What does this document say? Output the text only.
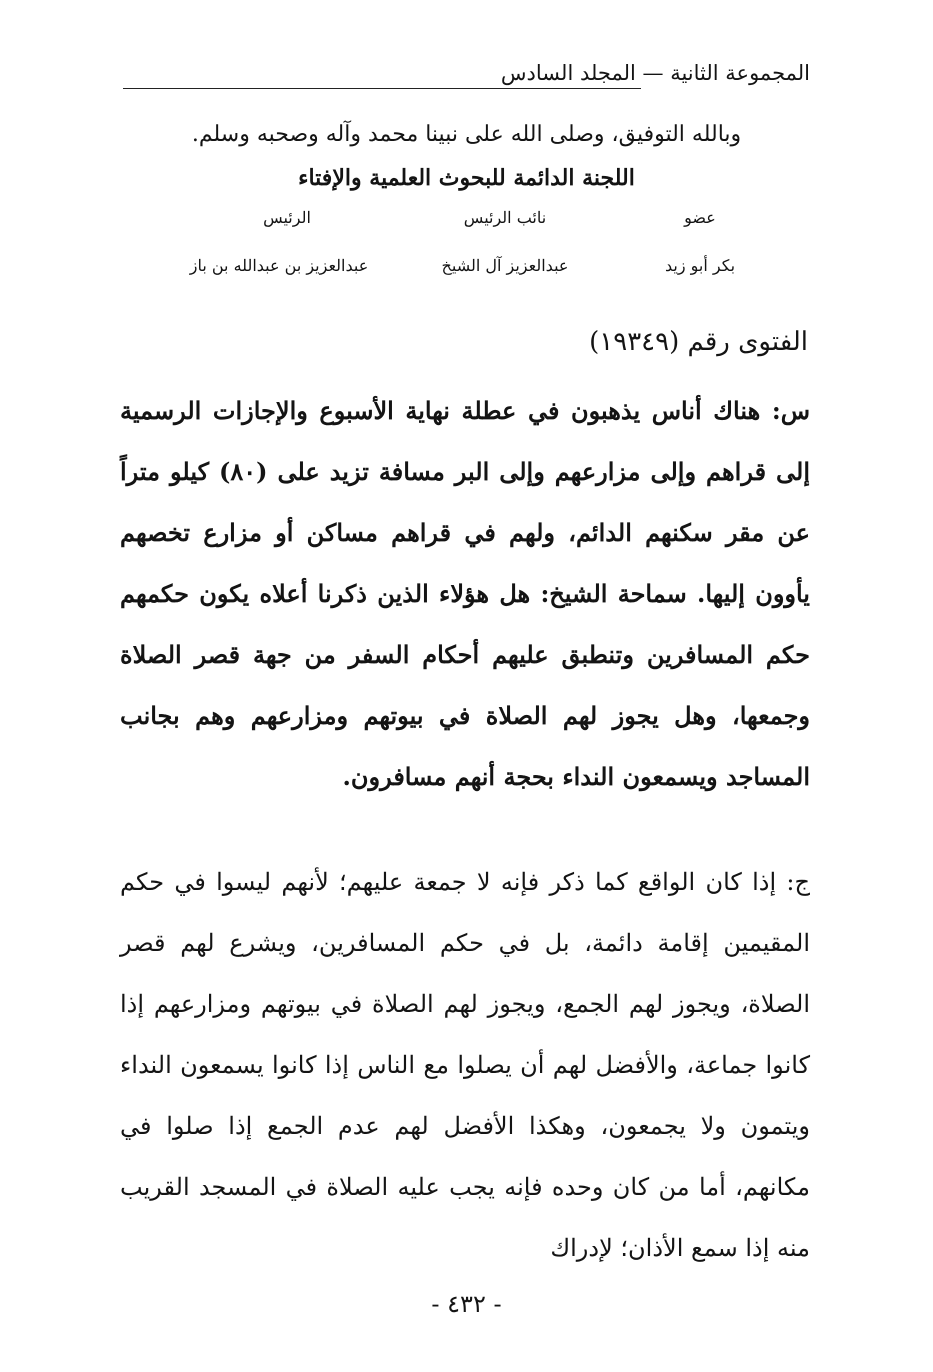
المجموعة الثانية — المجلد السادس
وبالله التوفيق، وصلى الله على نبينا محمد وآله وصحبه وسلم.
اللجنة الدائمة للبحوث العلمية والإفتاء
الرئيس	نائب الرئيس	عضو
عبدالعزيز بن عبدالله بن باز	عبدالعزيز آل الشيخ	بكر أبو زيد
الفتوى رقم (١٩٣٤٩)

س: هناك أناس يذهبون في عطلة نهاية الأسبوع والإجازات الرسمية إلى قراهم وإلى مزارعهم وإلى البر مسافة تزيد على (٨٠) كيلو متراً عن مقر سكنهم الدائم، ولهم في قراهم مساكن أو مزارع تخصهم يأوون إليها. سماحة الشيخ: هل هؤلاء الذين ذكرنا أعلاه يكون حكمهم حكم المسافرين وتنطبق عليهم أحكام السفر من جهة قصر الصلاة وجمعها، وهل يجوز لهم الصلاة في بيوتهم ومزارعهم وهم بجانب المساجد ويسمعون النداء بحجة أنهم مسافرون.

ج: إذا كان الواقع كما ذكر فإنه لا جمعة عليهم؛ لأنهم ليسوا في حكم المقيمين إقامة دائمة، بل في حكم المسافرين، ويشرع لهم قصر الصلاة، ويجوز لهم الجمع، ويجوز لهم الصلاة في بيوتهم ومزارعهم إذا كانوا جماعة، والأفضل لهم أن يصلوا مع الناس إذا كانوا يسمعون النداء ويتمون ولا يجمعون، وهكذا الأفضل لهم عدم الجمع إذا صلوا في مكانهم، أما من كان وحده فإنه يجب عليه الصلاة في المسجد القريب منه إذا سمع الأذان؛ لإدراك

- ٤٣٢ -
